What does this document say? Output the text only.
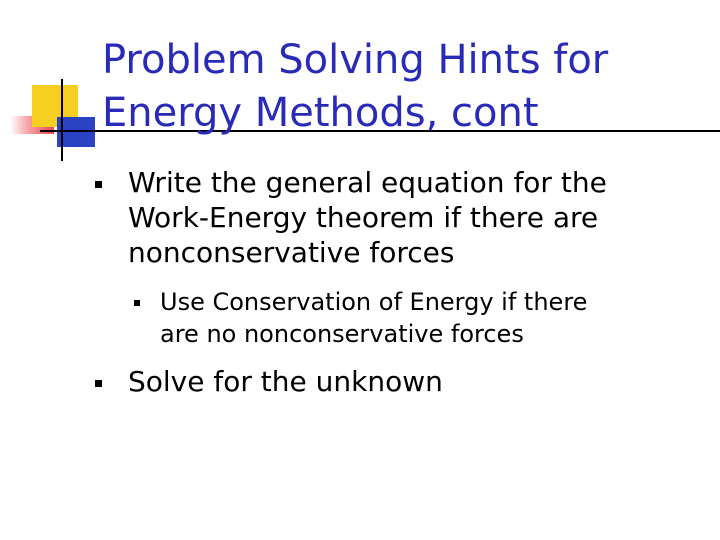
Problem Solving Hints for
Energy Methods, cont

Write the general equation for the
Work-Energy theorem if there are
nonconservative forces

Use Conservation of Energy if there
are no nonconservative forces

Solve for the unknown
